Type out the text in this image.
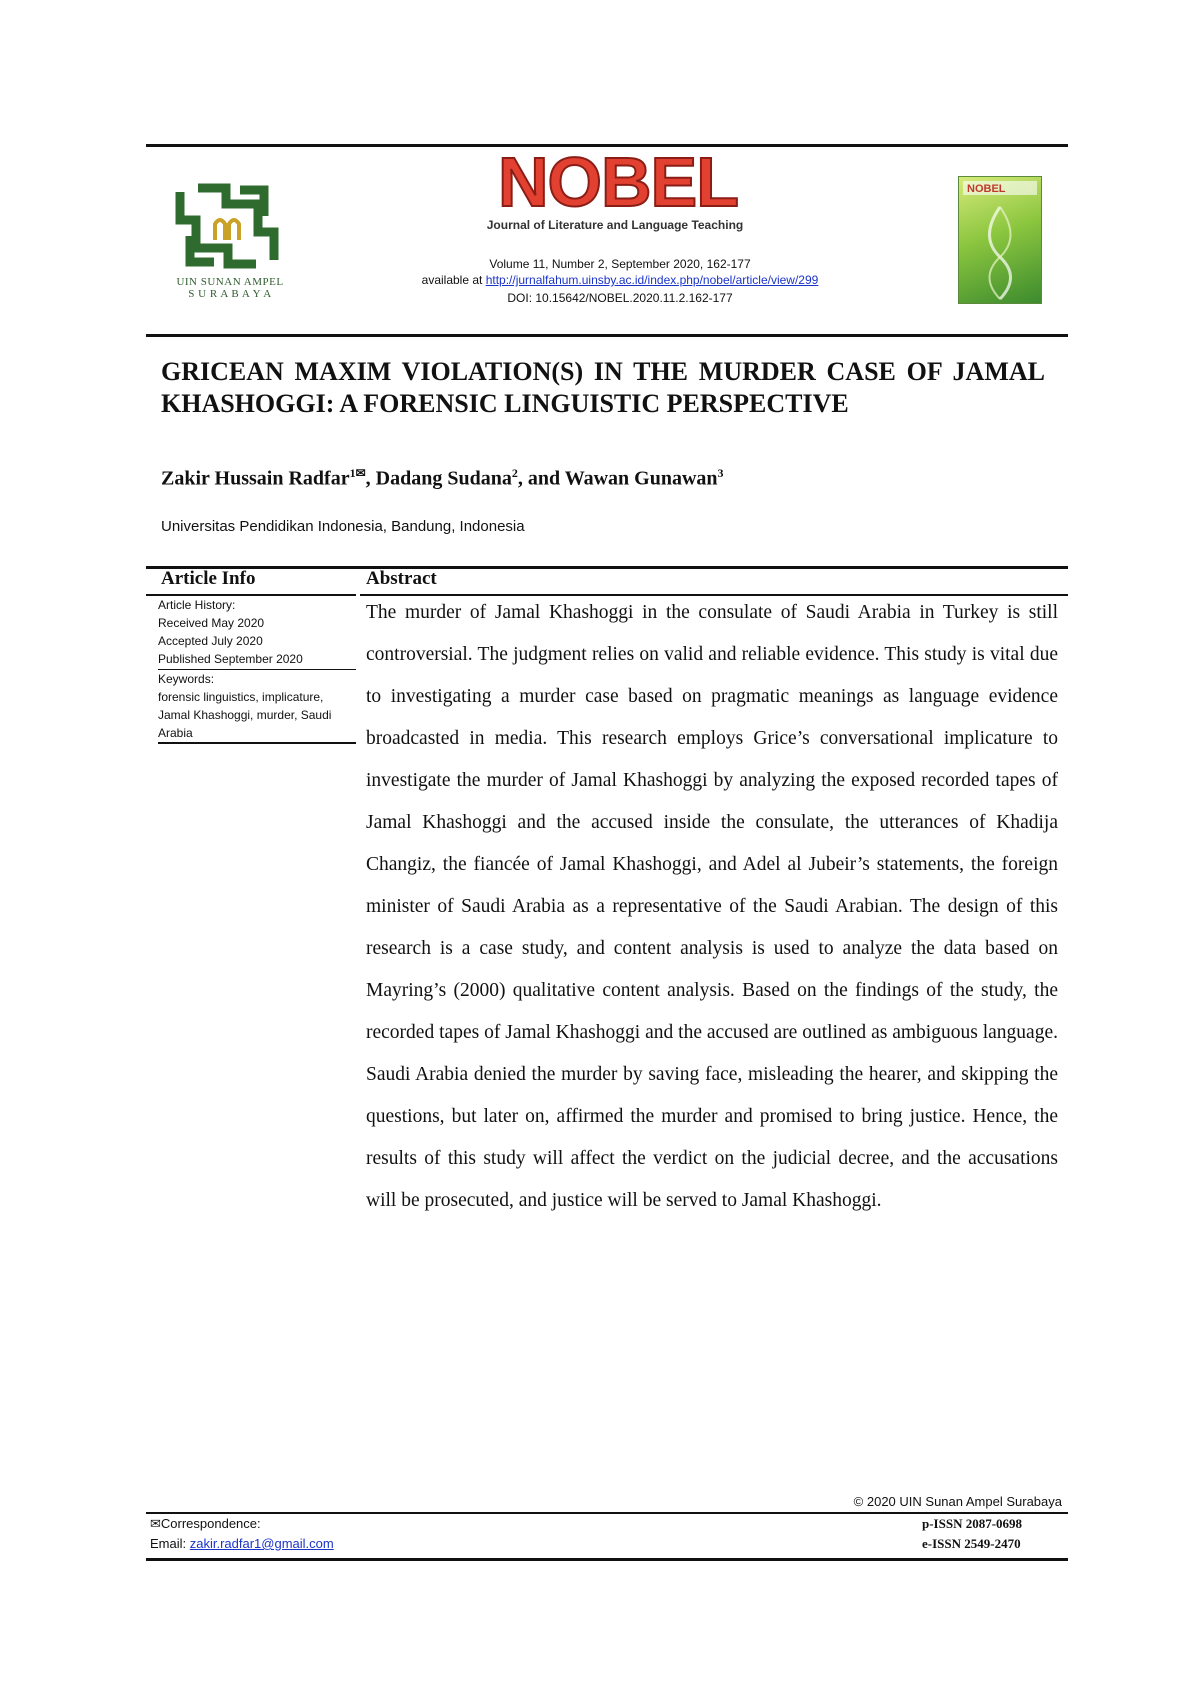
UIN SUNAN AMPEL
S U R A B A Y A
NOBEL
Journal of Literature and Language Teaching
Volume 11, Number 2, September 2020, 162-177
available at http://jurnalfahum.uinsby.ac.id/index.php/nobel/article/view/299
DOI: 10.15642/NOBEL.2020.11.2.162-177
NOBEL
GRICEAN MAXIM VIOLATION(S) IN THE MURDER CASE OF JAMAL KHASHOGGI: A FORENSIC LINGUISTIC PERSPECTIVE
Zakir Hussain Radfar$^{1✉}$, Dadang Sudana$^2$, and Wawan Gunawan$^3$
Universitas Pendidikan Indonesia, Bandung, Indonesia
Article Info	Abstract
Article History:
Received May 2020
Accepted July 2020
Published September 2020
Keywords:
forensic linguistics, implicature, Jamal Khashoggi, murder, Saudi Arabia

The murder of Jamal Khashoggi in the consulate of Saudi Arabia in Turkey is still controversial. The judgment relies on valid and reliable evidence. This study is vital due to investigating a murder case based on pragmatic meanings as language evidence broadcasted in media. This research employs Grice’s conversational implicature to investigate the murder of Jamal Khashoggi by analyzing the exposed recorded tapes of Jamal Khashoggi and the accused inside the consulate, the utterances of Khadija Changiz, the fiancée of Jamal Khashoggi, and Adel al Jubeir’s statements, the foreign minister of Saudi Arabia as a representative of the Saudi Arabian. The design of this research is a case study, and content analysis is used to analyze the data based on Mayring’s (2000) qualitative content analysis. Based on the findings of the study, the recorded tapes of Jamal Khashoggi and the accused are outlined as ambiguous language. Saudi Arabia denied the murder by saving face, misleading the hearer, and skipping the questions, but later on, affirmed the murder and promised to bring justice. Hence, the results of this study will affect the verdict on the judicial decree, and the accusations will be prosecuted, and justice will be served to Jamal Khashoggi.

© 2020 UIN Sunan Ampel Surabaya
✉Correspondence:
Email: zakir.radfar1@gmail.com
p-ISSN 2087-0698
e-ISSN 2549-2470
